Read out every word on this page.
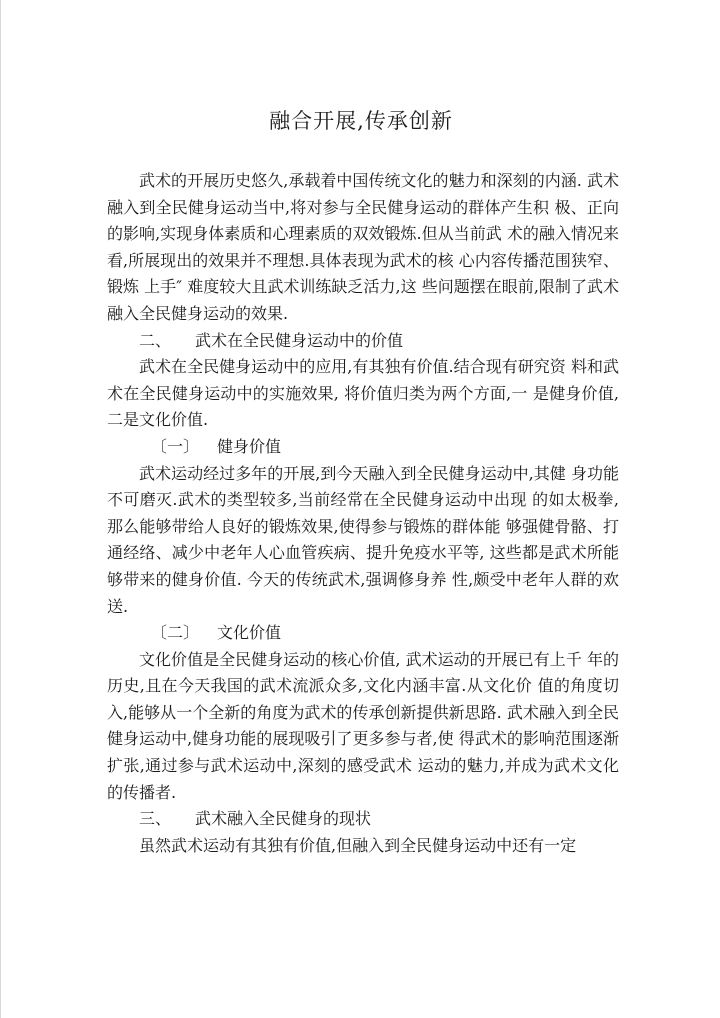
融合开展,传承创新

武术的开展历史悠久,承载着中国传统文化的魅力和深刻的内涵. 武术融入到全民健身运动当中,将对参与全民健身运动的群体产生积 极、正向的影响,实现身体素质和心理素质的双效锻炼.但从当前武 术的融入情况来看,所展现出的效果并不理想.具体表现为武术的核 心内容传播范围狭窄、锻炼 上手″ 难度较大且武术训练缺乏活力,这 些问题摆在眼前,限制了武术融入全民健身运动的效果.

二、 武术在全民健身运动中的价值

武术在全民健身运动中的应用,有其独有价值.结合现有研究资 料和武术在全民健身运动中的实施效果, 将价值归类为两个方面,一 是健身价值,二是文化价值.

〔一〕 健身价值

武术运动经过多年的开展,到今天融入到全民健身运动中,其健 身功能不可磨灭.武术的类型较多,当前经常在全民健身运动中出现 的如太极拳,那么能够带给人良好的锻炼效果,使得参与锻炼的群体能 够强健骨骼、打通经络、减少中老年人心血管疾病、提升免疫水平等, 这些都是武术所能够带来的健身价值. 今天的传统武术,强调修身养 性,颇受中老年人群的欢送.

〔二〕 文化价值

文化价值是全民健身运动的核心价值, 武术运动的开展已有上千 年的历史,且在今天我国的武术流派众多,文化内涵丰富.从文化价 值的角度切入,能够从一个全新的角度为武术的传承创新提供新思路. 武术融入到全民健身运动中,健身功能的展现吸引了更多参与者,使 得武术的影响范围逐渐扩张,通过参与武术运动中,深刻的感受武术 运动的魅力,并成为武术文化的传播者.

三、 武术融入全民健身的现状

虽然武术运动有其独有价值,但融入到全民健身运动中还有一定
